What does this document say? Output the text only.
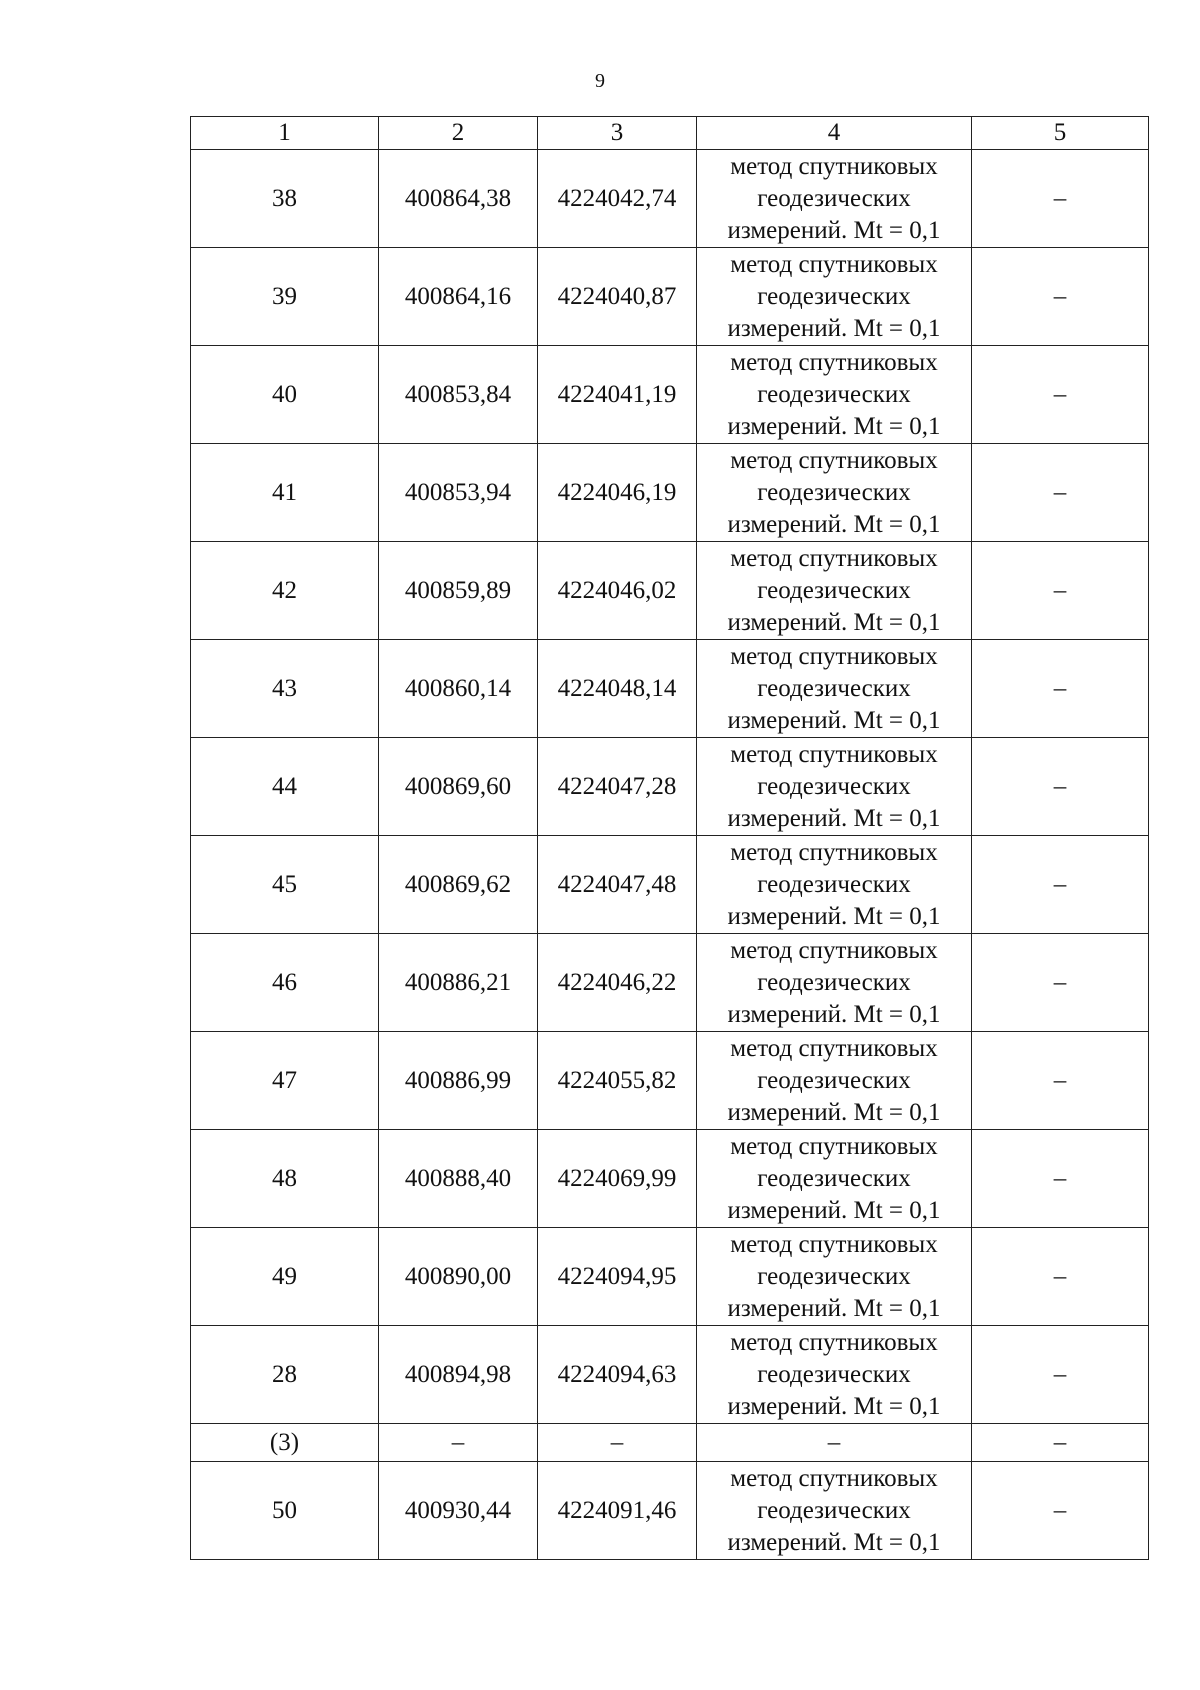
9
1	2	3	4	5
38	400864,38	4224042,74	метод спутниковых
геодезических
измерений. Mt = 0,1	–
39	400864,16	4224040,87	метод спутниковых
геодезических
измерений. Mt = 0,1	–
40	400853,84	4224041,19	метод спутниковых
геодезических
измерений. Mt = 0,1	–
41	400853,94	4224046,19	метод спутниковых
геодезических
измерений. Mt = 0,1	–
42	400859,89	4224046,02	метод спутниковых
геодезических
измерений. Mt = 0,1	–
43	400860,14	4224048,14	метод спутниковых
геодезических
измерений. Mt = 0,1	–
44	400869,60	4224047,28	метод спутниковых
геодезических
измерений. Mt = 0,1	–
45	400869,62	4224047,48	метод спутниковых
геодезических
измерений. Mt = 0,1	–
46	400886,21	4224046,22	метод спутниковых
геодезических
измерений. Mt = 0,1	–
47	400886,99	4224055,82	метод спутниковых
геодезических
измерений. Mt = 0,1	–
48	400888,40	4224069,99	метод спутниковых
геодезических
измерений. Mt = 0,1	–
49	400890,00	4224094,95	метод спутниковых
геодезических
измерений. Mt = 0,1	–
28	400894,98	4224094,63	метод спутниковых
геодезических
измерений. Mt = 0,1	–
(3)	–	–	–	–
50	400930,44	4224091,46	метод спутниковых
геодезических
измерений. Mt = 0,1	–
